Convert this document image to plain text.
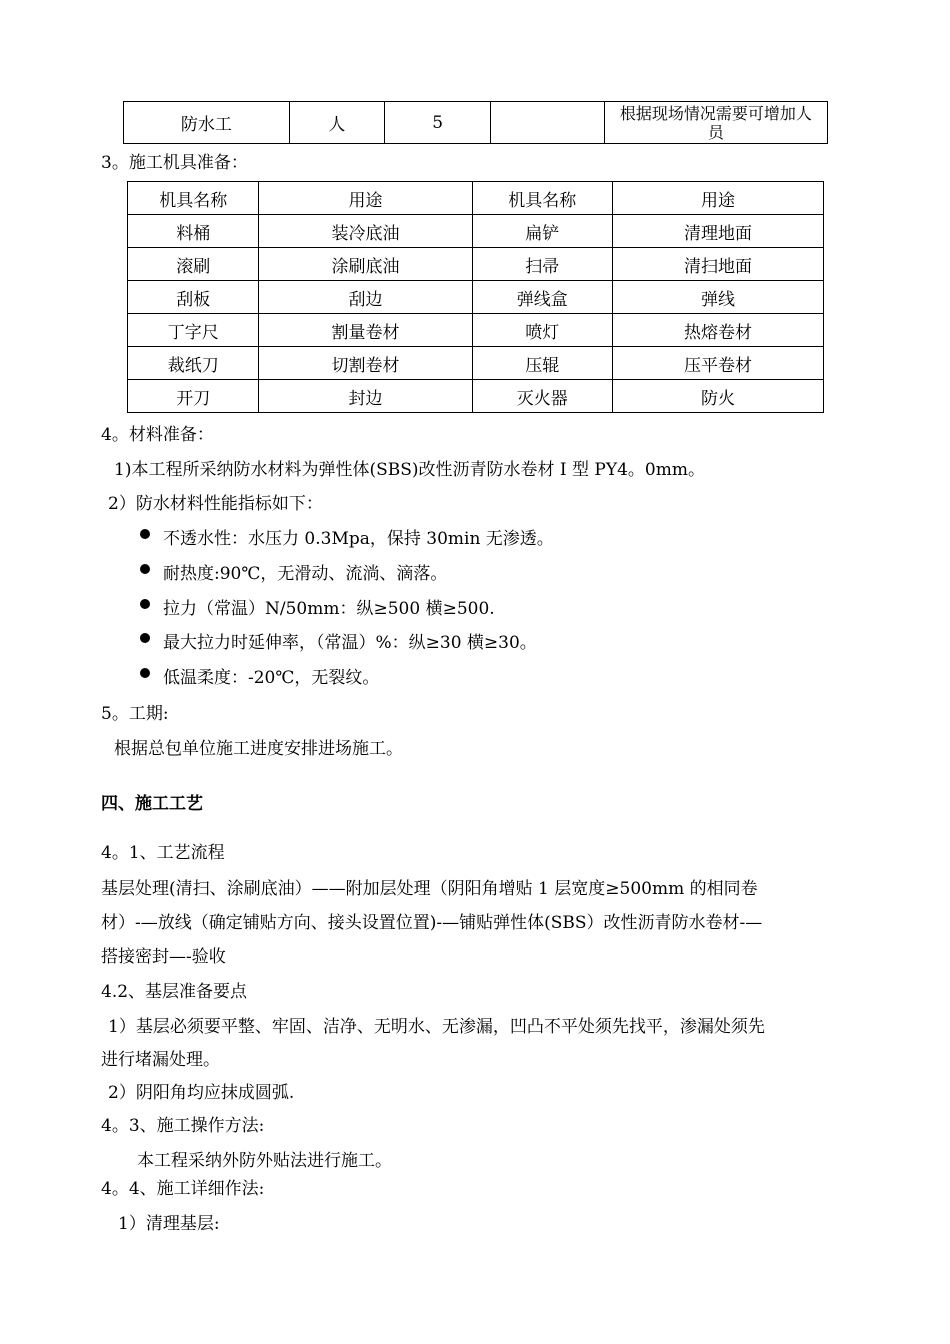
防水工	人	5		根据现场情况需要可增加人员
3。施工机具准备：
机具名称	用途	机具名称	用途
料桶	装冷底油	扁铲	清理地面
滚刷	涂刷底油	扫帚	清扫地面
刮板	刮边	弹线盒	弹线
丁字尺	割量卷材	喷灯	热熔卷材
裁纸刀	切割卷材	压辊	压平卷材
开刀	封边	灭火器	防火
4。材料准备：
1)本工程所采纳防水材料为弹性体(SBS)改性沥青防水卷材 I 型 PY4。0mm。
2）防水材料性能指标如下：
不透水性：水压力 0.3Mpa，保持 30min 无渗透。
耐热度:90℃，无滑动、流淌、滴落。
拉力（常温）N/50mm：纵≥500 横≥500.
最大拉力时延伸率，（常温）%：纵≥30 横≥30。
低温柔度：-20℃，无裂纹。
5。工期:
根据总包单位施工进度安排进场施工。
四、施工工艺
4。1、工艺流程
基层处理(清扫、涂刷底油）——附加层处理（阴阳角增贴 1 层宽度≥500mm 的相同卷
材）-—放线（确定铺贴方向、接头设置位置)-—铺贴弹性体(SBS）改性沥青防水卷材-—
搭接密封—-验收
4.2、基层准备要点
1）基层必须要平整、牢固、洁净、无明水、无渗漏，凹凸不平处须先找平，渗漏处须先
进行堵漏处理。
2）阴阳角均应抹成圆弧.
4。3、施工操作方法:
本工程采纳外防外贴法进行施工。
4。4、施工详细作法:
1）清理基层:
